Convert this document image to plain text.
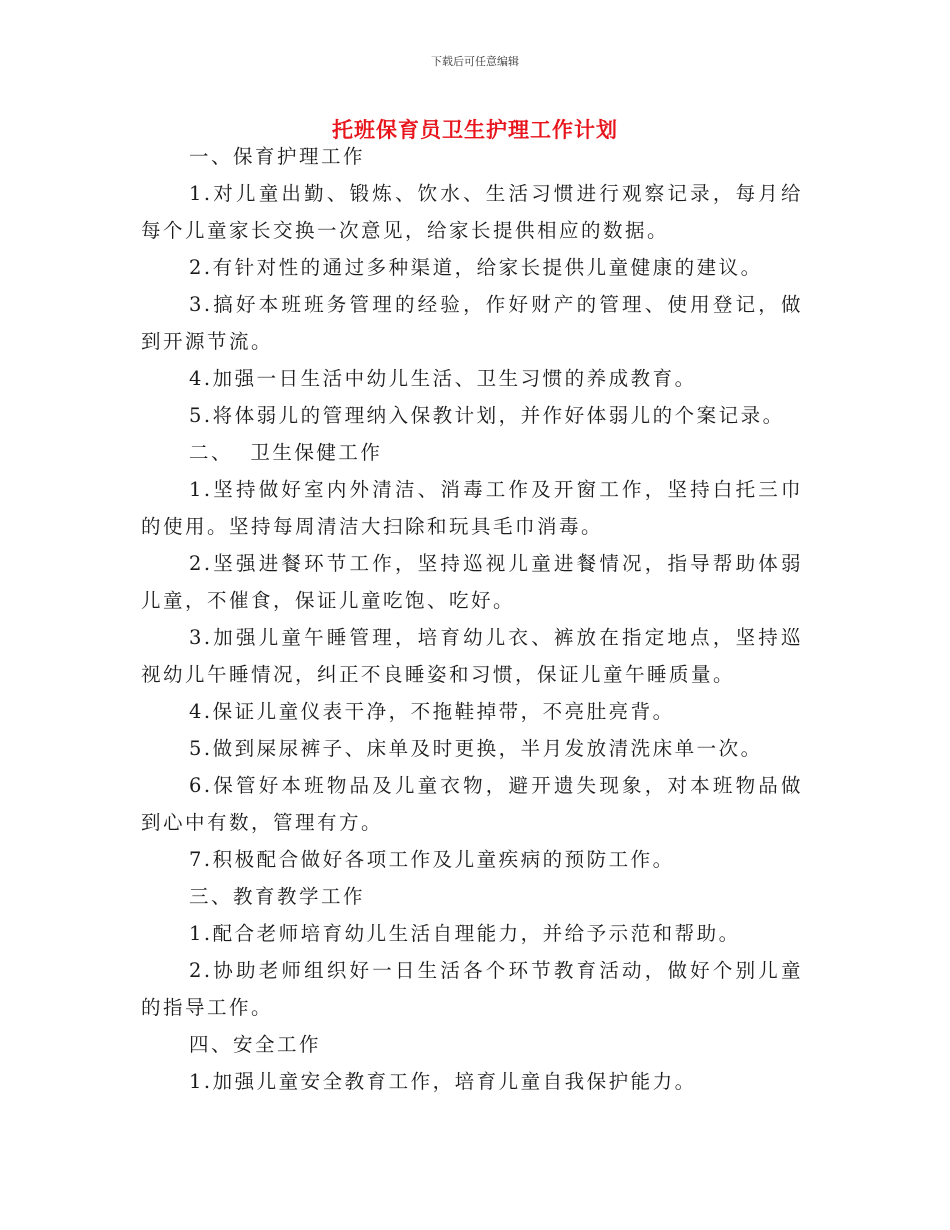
下载后可任意编辑
托班保育员卫生护理工作计划

一、保育护理工作

1.对儿童出勤、锻炼、饮水、生活习惯进行观察记录，每月给每个儿童家长交换一次意见，给家长提供相应的数据。

2.有针对性的通过多种渠道，给家长提供儿童健康的建议。

3.搞好本班班务管理的经验，作好财产的管理、使用登记，做到开源节流。

4.加强一日生活中幼儿生活、卫生习惯的养成教育。

5.将体弱儿的管理纳入保教计划，并作好体弱儿的个案记录。

二、  卫生保健工作

1.坚持做好室内外清洁、消毒工作及开窗工作，坚持白托三巾的使用。坚持每周清洁大扫除和玩具毛巾消毒。

2.坚强进餐环节工作，坚持巡视儿童进餐情况，指导帮助体弱儿童，不催食，保证儿童吃饱、吃好。

3.加强儿童午睡管理，培育幼儿衣、裤放在指定地点，坚持巡视幼儿午睡情况，纠正不良睡姿和习惯，保证儿童午睡质量。

4.保证儿童仪表干净，不拖鞋掉带，不亮肚亮背。

5.做到屎尿裤子、床单及时更换，半月发放清洗床单一次。

6.保管好本班物品及儿童衣物，避开遗失现象，对本班物品做到心中有数，管理有方。

7.积极配合做好各项工作及儿童疾病的预防工作。

三、教育教学工作

1.配合老师培育幼儿生活自理能力，并给予示范和帮助。

2.协助老师组织好一日生活各个环节教育活动，做好个别儿童的指导工作。

四、安全工作

1.加强儿童安全教育工作，培育儿童自我保护能力。
